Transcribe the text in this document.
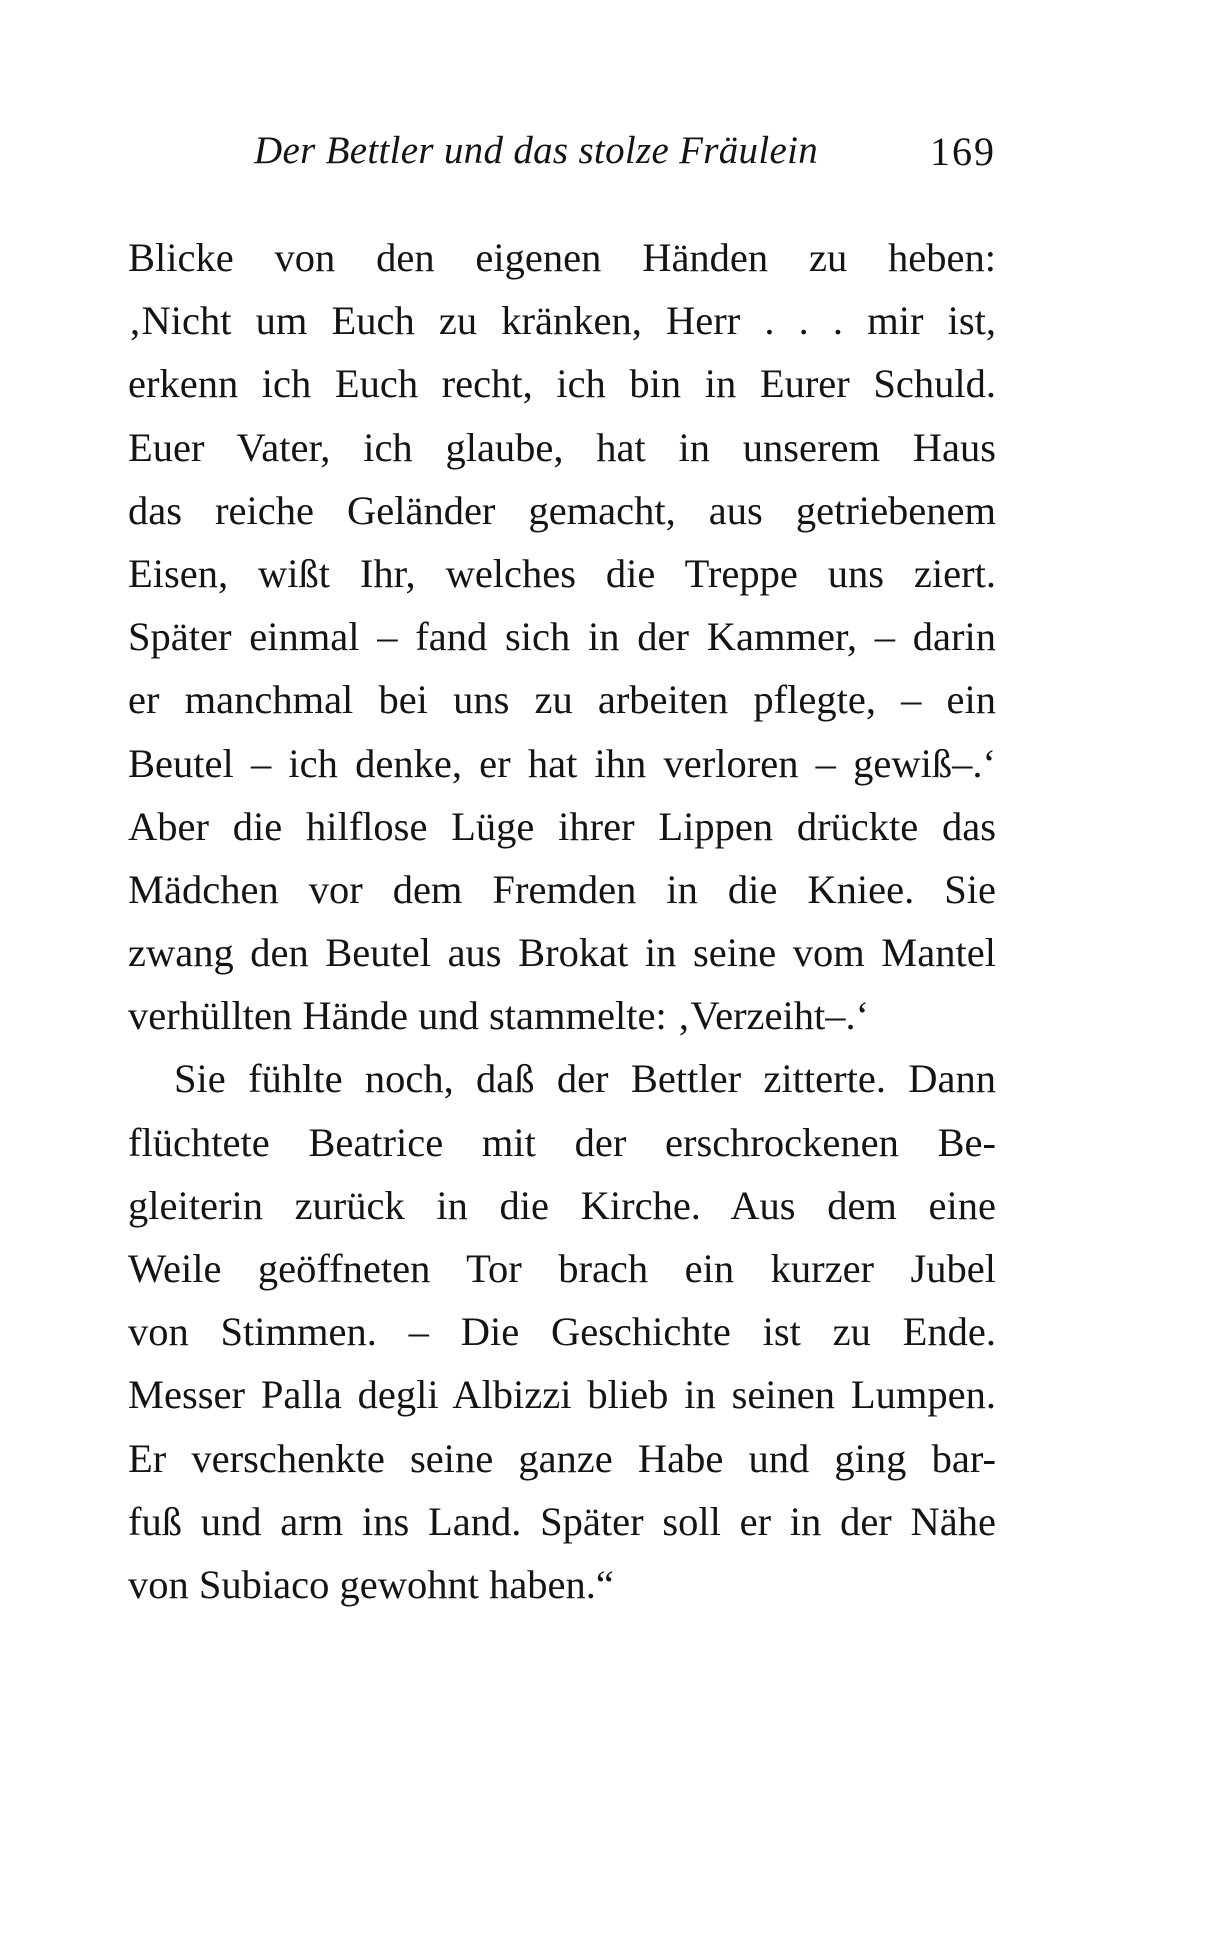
Der Bettler und das stolze Fräulein	169
Blicke von den eigenen Händen zu heben:
‚Nicht um Euch zu kränken, Herr . . . mir ist,
erkenn ich Euch recht, ich bin in Eurer Schuld.
Euer Vater, ich glaube, hat in unserem Haus
das reiche Geländer gemacht, aus getriebenem
Eisen, wißt Ihr, welches die Treppe uns ziert.
Später einmal – fand sich in der Kammer, – darin
er manchmal bei uns zu arbeiten pflegte, – ein
Beutel – ich denke, er hat ihn verloren – gewiß–.‘
Aber die hilflose Lüge ihrer Lippen drückte das
Mädchen vor dem Fremden in die Kniee. Sie
zwang den Beutel aus Brokat in seine vom Mantel
verhüllten Hände und stammelte: ‚Verzeiht–.‘
Sie fühlte noch, daß der Bettler zitterte. Dann
flüchtete Beatrice mit der erschrockenen Be-
gleiterin zurück in die Kirche. Aus dem eine
Weile geöffneten Tor brach ein kurzer Jubel
von Stimmen. – Die Geschichte ist zu Ende.
Messer Palla degli Albizzi blieb in seinen Lumpen.
Er verschenkte seine ganze Habe und ging bar-
fuß und arm ins Land. Später soll er in der Nähe
von Subiaco gewohnt haben.“
